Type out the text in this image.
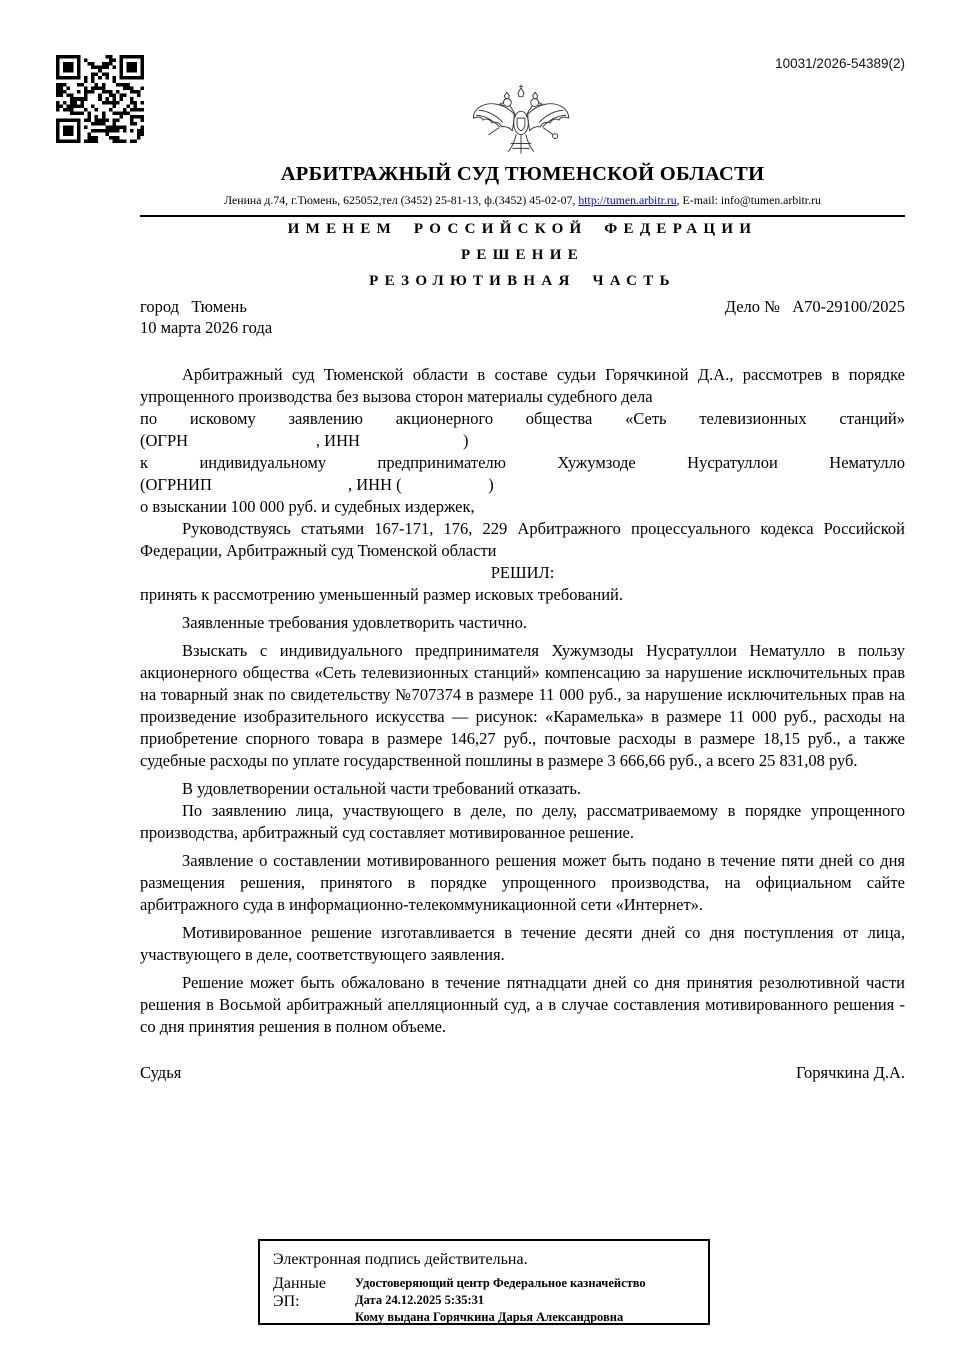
10031/2026-54389(2)
АРБИТРАЖНЫЙ СУД ТЮМЕНСКОЙ ОБЛАСТИ
Ленина д.74, г.Тюмень, 625052,тел (3452) 25-81-13, ф.(3452) 45-02-07, http://tumen.arbitr.ru, E-mail: info@tumen.arbitr.ru
ИМЕНЕМ РОССИЙСКОЙ ФЕДЕРАЦИИ
РЕШЕНИЕ
РЕЗОЛЮТИВНАЯ ЧАСТЬ
город   Тюмень	Дело №   А70-29100/2025
10 марта 2026 года

Арбитражный суд Тюменской области в составе судьи Горячкиной Д.А., рассмотрев в порядке упрощенного производства без вызова сторон материалы судебного дела

по исковому заявлению акционерного общества «Сеть телевизионных станций»

(ОГРН                               , ИНН                         )

к индивидуальному предпринимателю Хужумзоде Нусратуллои Нематулло

(ОГРНИП                                 , ИНН (                     )

о взыскании 100 000 руб. и судебных издержек,

Руководствуясь статьями 167-171, 176, 229 Арбитражного процессуального кодекса Российской Федерации, Арбитражный суд Тюменской области

РЕШИЛ:

принять к рассмотрению уменьшенный размер исковых требований.

Заявленные требования удовлетворить частично.

Взыскать с индивидуального предпринимателя Хужумзоды Нусратуллои Нематулло в пользу акционерного общества «Сеть телевизионных станций» компенсацию за нарушение исключительных прав на товарный знак по свидетельству №707374 в размере 11 000 руб., за нарушение исключительных прав на произведение изобразительного искусства — рисунок: «Карамелька» в размере 11 000 руб., расходы на приобретение спорного товара в размере 146,27 руб., почтовые расходы в размере 18,15 руб., а также судебные расходы по уплате государственной пошлины в размере 3 666,66 руб., а всего 25 831,08 руб.

В удовлетворении остальной части требований отказать.

По заявлению лица, участвующего в деле, по делу, рассматриваемому в порядке упрощенного производства, арбитражный суд составляет мотивированное решение.

Заявление о составлении мотивированного решения может быть подано в течение пяти дней со дня размещения решения, принятого в порядке упрощенного производства, на официальном сайте арбитражного суда в информационно-телекоммуникационной сети «Интернет».

Мотивированное решение изготавливается в течение десяти дней со дня поступления от лица, участвующего в деле, соответствующего заявления.

Решение может быть обжаловано в течение пятнадцати дней со дня принятия резолютивной части решения в Восьмой арбитражный апелляционный суд, а в случае составления мотивированного решения - со дня принятия решения в полном объеме.

Судья	Горячкина Д.А.
Электронная подпись действительна.
Данные ЭП:
Удостоверяющий центр Федеральное казначейство
Дата 24.12.2025 5:35:31
Кому выдана Горячкина Дарья Александровна
